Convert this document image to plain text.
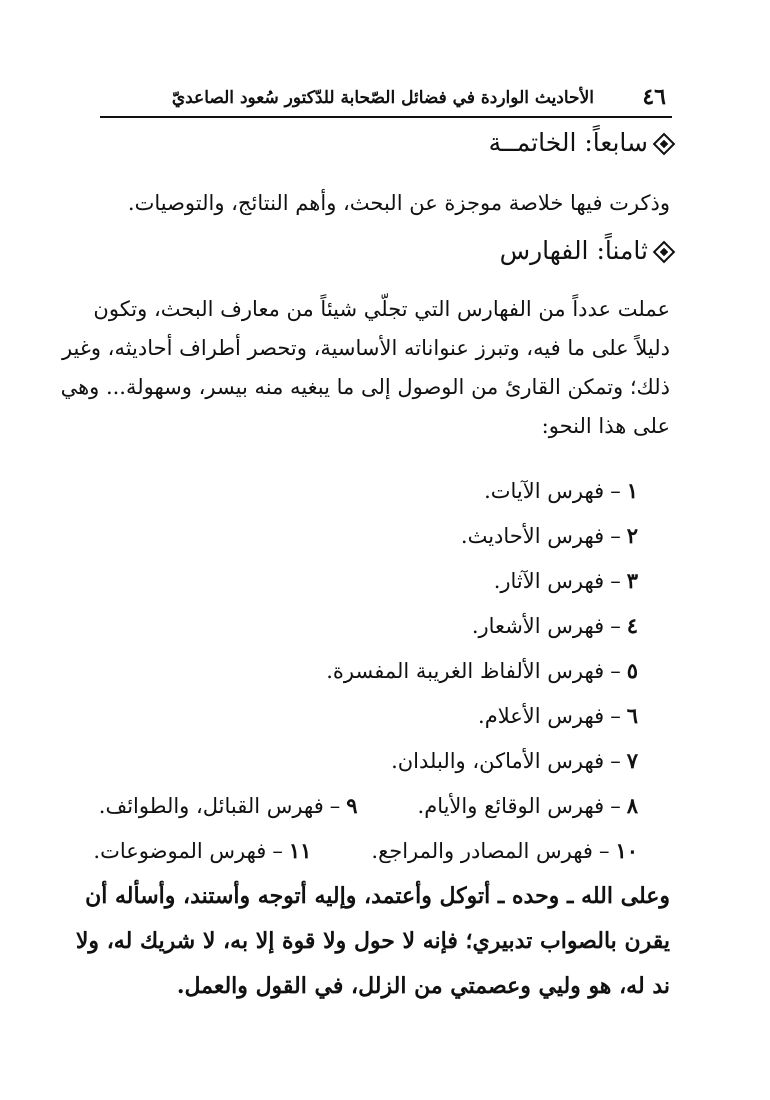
٤٦
الأحاديث الواردة في فضائل الصّحابة للدّكتور سُعود الصاعديّ
سابعاً: الخاتمــة
وذكرت فيها خلاصة موجزة عن البحث، وأهم النتائج، والتوصيات.
ثامناً: الفهارس
عملت عدداً من الفهارس التي تجلّي شيئاً من معارف البحث، وتكون
دليلاً على ما فيه، وتبرز عنواناته الأساسية، وتحصر أطراف أحاديثه، وغير
ذلك؛ وتمكن القارئ من الوصول إلى ما يبغيه منه بيسر، وسهولة... وهي
على هذا النحو:
١–فهرس الآيات.
٢–فهرس الأحاديث.
٣–فهرس الآثار.
٤–فهرس الأشعار.
٥–فهرس الألفاظ الغريبة المفسرة.
٦–فهرس الأعلام.
٧–فهرس الأماكن، والبلدان.
٨–فهرس الوقائع والأيام.٩–فهرس القبائل، والطوائف.
١٠–فهرس المصادر والمراجع.١١–فهرس الموضوعات.
وعلى الله ـ وحده ـ أتوكل وأعتمد، وإليه أتوجه وأستند، وأسأله أن
يقرن بالصواب تدبيري؛ فإنه لا حول ولا قوة إلا به، لا شريك له، ولا
ند له، هو وليي وعصمتي من الزلل، في القول والعمل.
